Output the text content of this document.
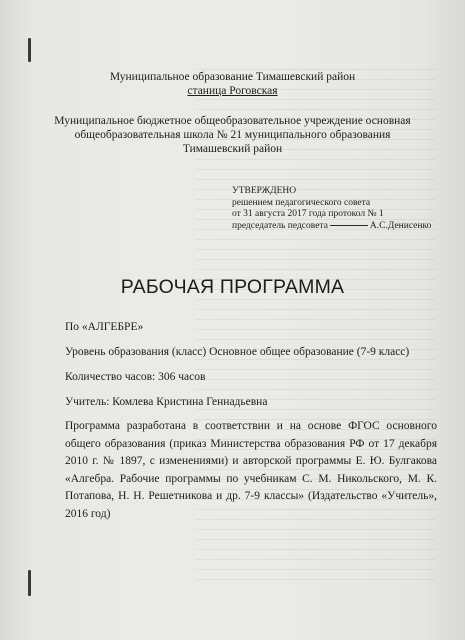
Муниципальное образование Тимашевский район
станица Роговская
Муниципальное бюджетное общеобразовательное учреждение основная
общеобразовательная школа № 21 муниципального образования
Тимашевский район
УТВЕРЖДЕНО
решением педагогического совета
от 31 августа 2017 года протокол № 1
председатель педсовета	А.С.Денисенко
РАБОЧАЯ ПРОГРАММА
По «АЛГЕБРЕ»
Уровень образования (класс) Основное общее образование (7-9 класс)
Количество часов: 306 часов
Учитель: Комлева Кристина Геннадьевна
Программа разработана в соответствии и на основе ФГОС основного общего образования (приказ Министерства образования РФ от 17 декабря 2010 г. № 1897, с изменениями) и авторской программы Е. Ю. Булгакова «Алгебра. Рабочие программы по учебникам С. М. Никольского, М. К. Потапова, Н. Н. Решетникова и др. 7-9 классы» (Издательство «Учитель», 2016 год)
